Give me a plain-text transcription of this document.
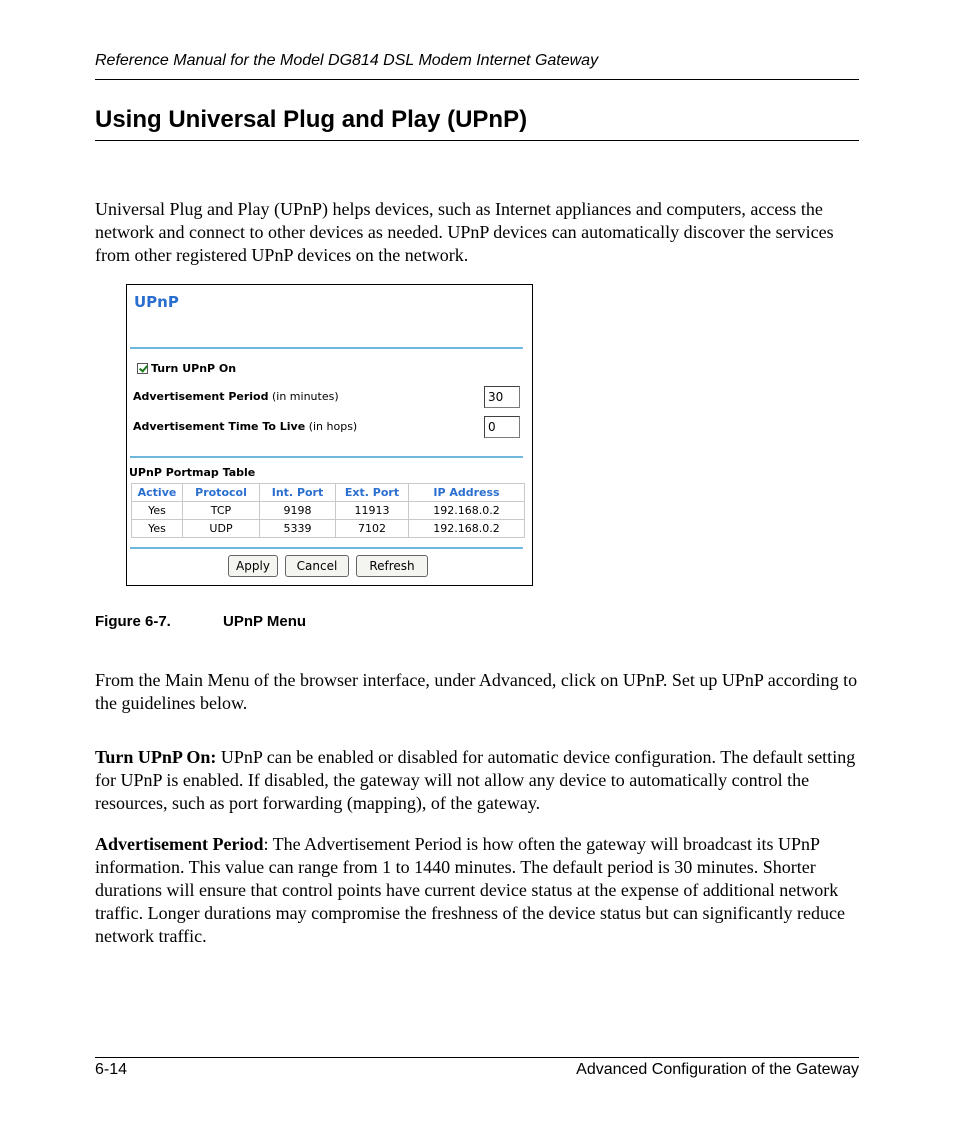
Reference Manual for the Model DG814 DSL Modem Internet Gateway
Using Universal Plug and Play (UPnP)
Universal Plug and Play (UPnP) helps devices, such as Internet appliances and computers, access the network and connect to other devices as needed. UPnP devices can automatically discover the services from other registered UPnP devices on the network.
UPnP
Turn UPnP On
Advertisement Period (in minutes)	30
Advertisement Time To Live (in hops)	0
UPnP Portmap Table
Active	Protocol	Int. Port	Ext. Port	IP Address
Yes	TCP	9198	11913	192.168.0.2
Yes	UDP	5339	7102	192.168.0.2
Apply	Cancel	Refresh
Figure 6-7.	UPnP Menu
From the Main Menu of the browser interface, under Advanced, click on UPnP. Set up UPnP according to the guidelines below.
Turn UPnP On: UPnP can be enabled or disabled for automatic device configuration. The default setting for UPnP is enabled. If disabled, the gateway will not allow any device to automatically control the resources, such as port forwarding (mapping), of the gateway.
Advertisement Period: The Advertisement Period is how often the gateway will broadcast its UPnP information. This value can range from 1 to 1440 minutes. The default period is 30 minutes. Shorter durations will ensure that control points have current device status at the expense of additional network traffic. Longer durations may compromise the freshness of the device status but can significantly reduce network traffic.
6-14	Advanced Configuration of the Gateway
